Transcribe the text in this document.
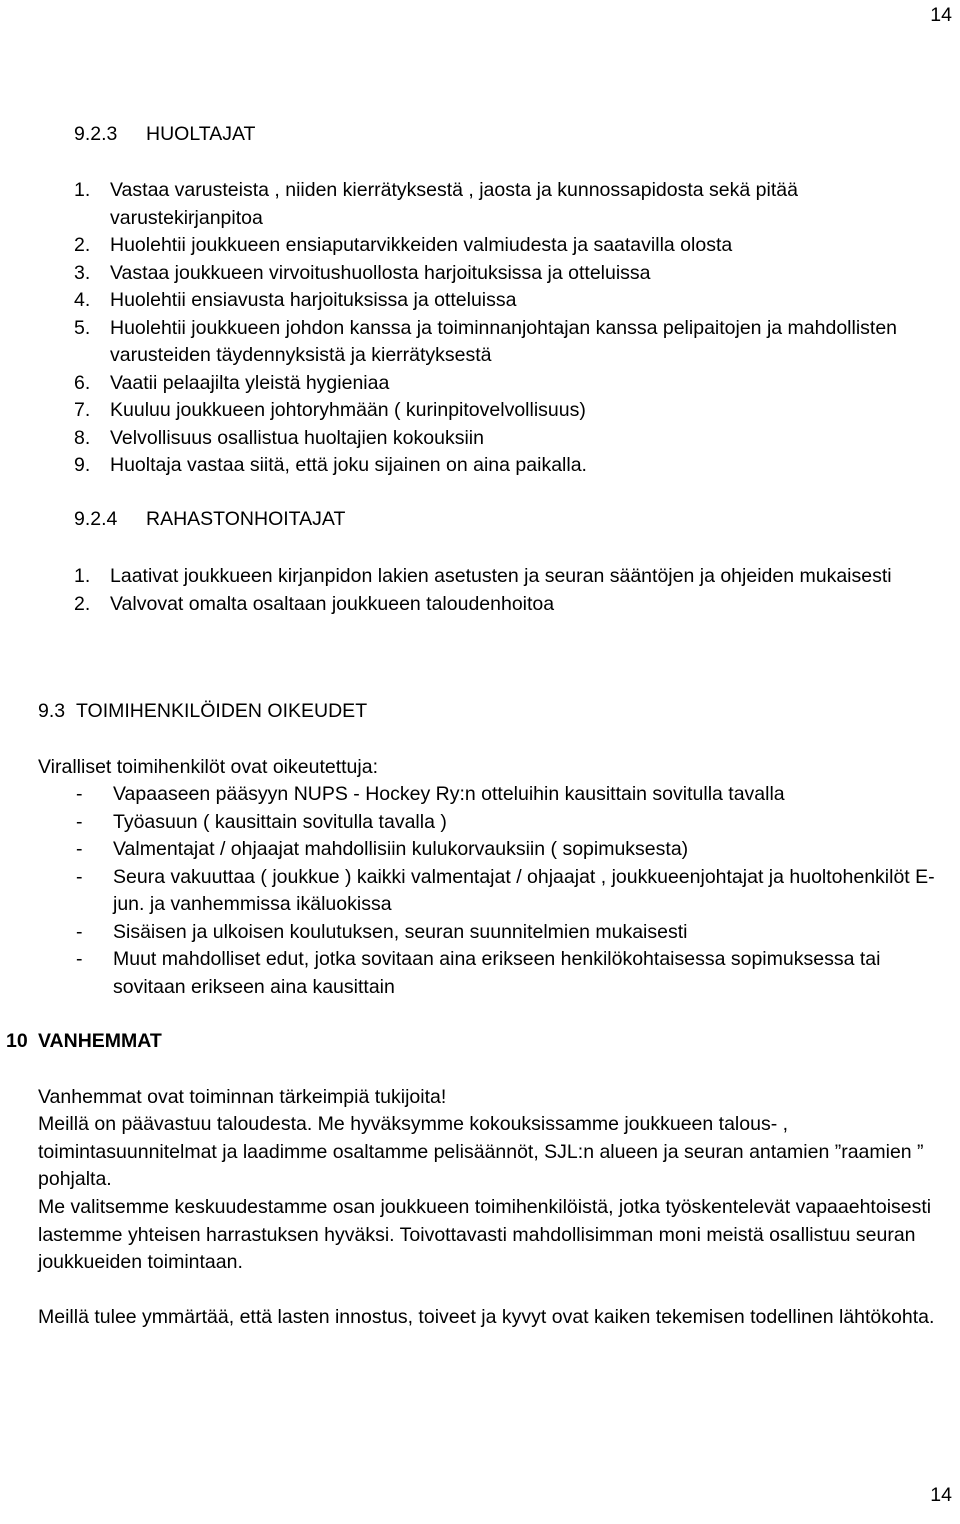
14
9.2.3 HUOLTAJAT
1. Vastaa varusteista , niiden kierrätyksestä , jaosta ja kunnossapidosta sekä pitää varustekirjanpitoa
2. Huolehtii joukkueen ensiaputarvikkeiden valmiudesta ja saatavilla olosta
3. Vastaa joukkueen virvoitushuollosta harjoituksissa ja otteluissa
4. Huolehtii ensiavusta harjoituksissa ja otteluissa
5. Huolehtii joukkueen johdon kanssa ja toiminnanjohtajan kanssa pelipaitojen ja mahdollisten varusteiden täydennyksistä ja kierrätyksestä
6. Vaatii pelaajilta yleistä hygieniaa
7. Kuuluu joukkueen johtoryhmään ( kurinpitovelvollisuus)
8. Velvollisuus osallistua huoltajien kokouksiin
9. Huoltaja vastaa siitä, että joku sijainen on aina paikalla.
9.2.4 RAHASTONHOITAJAT
1. Laativat joukkueen kirjanpidon lakien asetusten ja seuran sääntöjen ja ohjeiden mukaisesti
2. Valvovat omalta osaltaan joukkueen taloudenhoitoa
9.3 TOIMIHENKILÖIDEN OIKEUDET
Viralliset toimihenkilöt ovat oikeutettuja:
- Vapaaseen pääsyyn NUPS - Hockey Ry:n otteluihin kausittain sovitulla tavalla
- Työasuun ( kausittain sovitulla tavalla )
- Valmentajat / ohjaajat mahdollisiin kulukorvauksiin ( sopimuksesta)
- Seura vakuuttaa ( joukkue ) kaikki valmentajat / ohjaajat , joukkueenjohtajat ja huoltohenkilöt E-jun. ja vanhemmissa ikäluokissa
- Sisäisen ja ulkoisen koulutuksen, seuran suunnitelmien mukaisesti
- Muut mahdolliset edut, jotka sovitaan aina erikseen henkilökohtaisessa sopimuksessa tai sovitaan erikseen aina kausittain
10 VANHEMMAT
Vanhemmat ovat toiminnan tärkeimpiä tukijoita!
Meillä on päävastuu taloudesta. Me hyväksymme kokouksissamme joukkueen talous- , toimintasuunnitelmat ja laadimme osaltamme pelisäännöt, SJL:n alueen ja seuran antamien ”raamien ” pohjalta.
Me valitsemme keskuudestamme osan joukkueen toimihenkilöistä, jotka työskentelevät vapaaehtoisesti lastemme yhteisen harrastuksen hyväksi. Toivottavasti mahdollisimman moni meistä osallistuu seuran joukkueiden toimintaan.
Meillä tulee ymmärtää, että lasten innostus, toiveet ja kyvyt ovat kaiken tekemisen todellinen lähtökohta.
14
